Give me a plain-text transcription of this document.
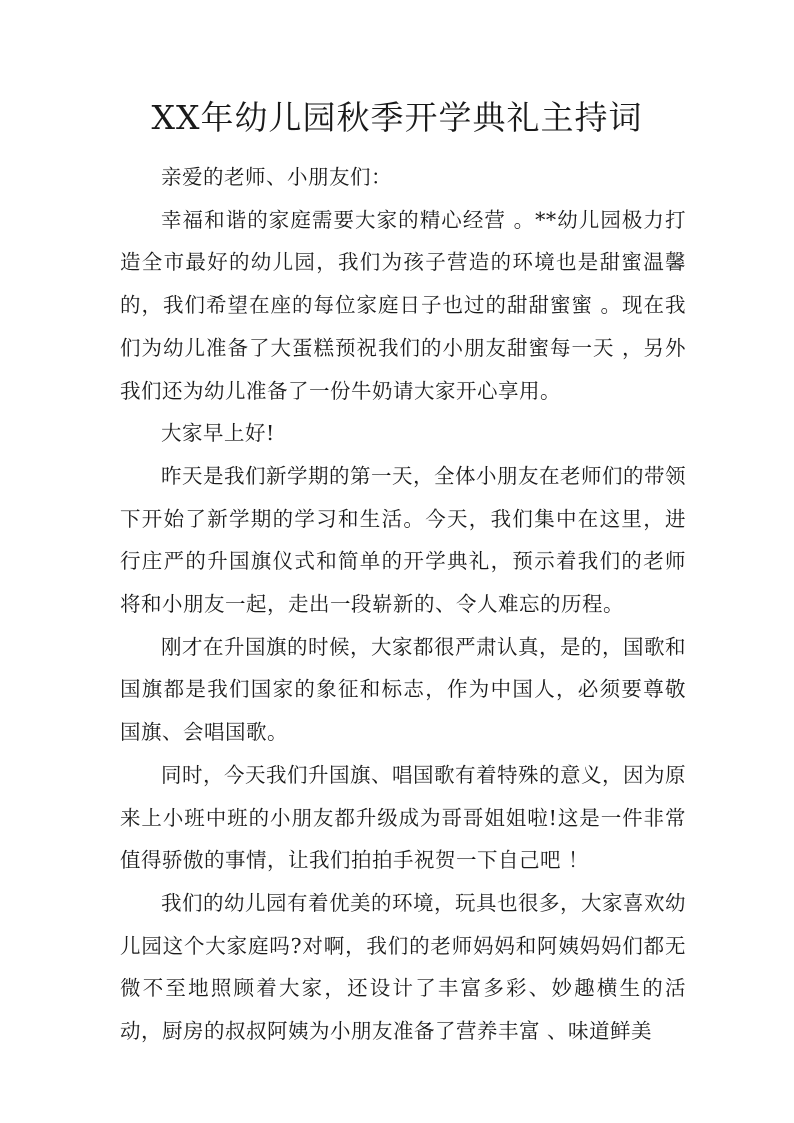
XX年幼儿园秋季开学典礼主持词

亲爱的老师、小朋友们：

幸福和谐的家庭需要大家的精心经营 。**幼儿园极力打造全市最好的幼儿园，我们为孩子营造的环境也是甜蜜温馨的，我们希望在座的每位家庭日子也过的甜甜蜜蜜 。现在我们为幼儿准备了大蛋糕预祝我们的小朋友甜蜜每一天 ，另外我们还为幼儿准备了一份牛奶请大家开心享用。

大家早上好!

昨天是我们新学期的第一天，全体小朋友在老师们的带领下开始了新学期的学习和生活。今天，我们集中在这里，进行庄严的升国旗仪式和简单的开学典礼，预示着我们的老师将和小朋友一起，走出一段崭新的、令人难忘的历程。

刚才在升国旗的时候，大家都很严肃认真，是的，国歌和国旗都是我们国家的象征和标志，作为中国人，必须要尊敬国旗、会唱国歌。

同时，今天我们升国旗、唱国歌有着特殊的意义，因为原来上小班中班的小朋友都升级成为哥哥姐姐啦!这是一件非常值得骄傲的事情，让我们拍拍手祝贺一下自己吧 ！

我们的幼儿园有着优美的环境，玩具也很多，大家喜欢幼儿园这个大家庭吗?对啊，我们的老师妈妈和阿姨妈妈们都无微不至地照顾着大家，还设计了丰富多彩、妙趣横生的活动，厨房的叔叔阿姨为小朋友准备了营养丰富 、味道鲜美
